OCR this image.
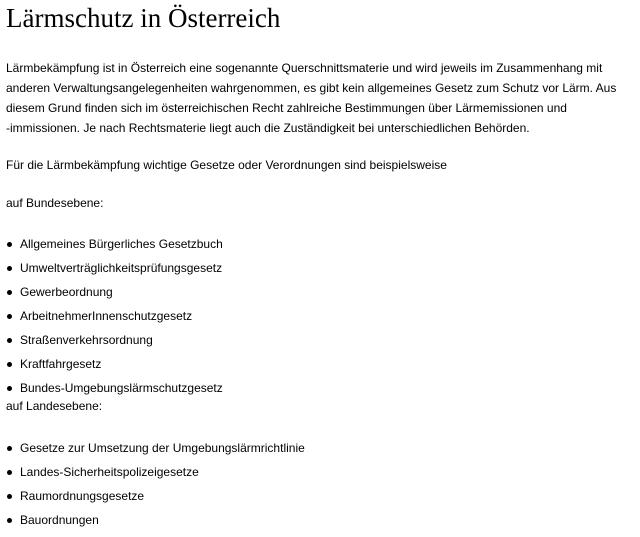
Lärmschutz in Österreich

Lärmbekämpfung ist in Österreich eine sogenannte Querschnittsmaterie und wird jeweils im Zusammenhang mit
anderen Verwaltungsangelegenheiten wahrgenommen, es gibt kein allgemeines Gesetz zum Schutz vor Lärm. Aus
diesem Grund finden sich im österreichischen Recht zahlreiche Bestimmungen über Lärmemissionen und
-immissionen. Je nach Rechtsmaterie liegt auch die Zuständigkeit bei unterschiedlichen Behörden.

Für die Lärmbekämpfung wichtige Gesetze oder Verordnungen sind beispielsweise

auf Bundesebene:

Allgemeines Bürgerliches Gesetzbuch
Umweltverträglichkeitsprüfungsgesetz
Gewerbeordnung
ArbeitnehmerInnenschutzgesetz
Straßenverkehrsordnung
Kraftfahrgesetz
Bundes-Umgebungslärmschutzgesetz

auf Landesebene:

Gesetze zur Umsetzung der Umgebungslärmrichtlinie
Landes-Sicherheitspolizeigesetze
Raumordnungsgesetze
Bauordnungen
